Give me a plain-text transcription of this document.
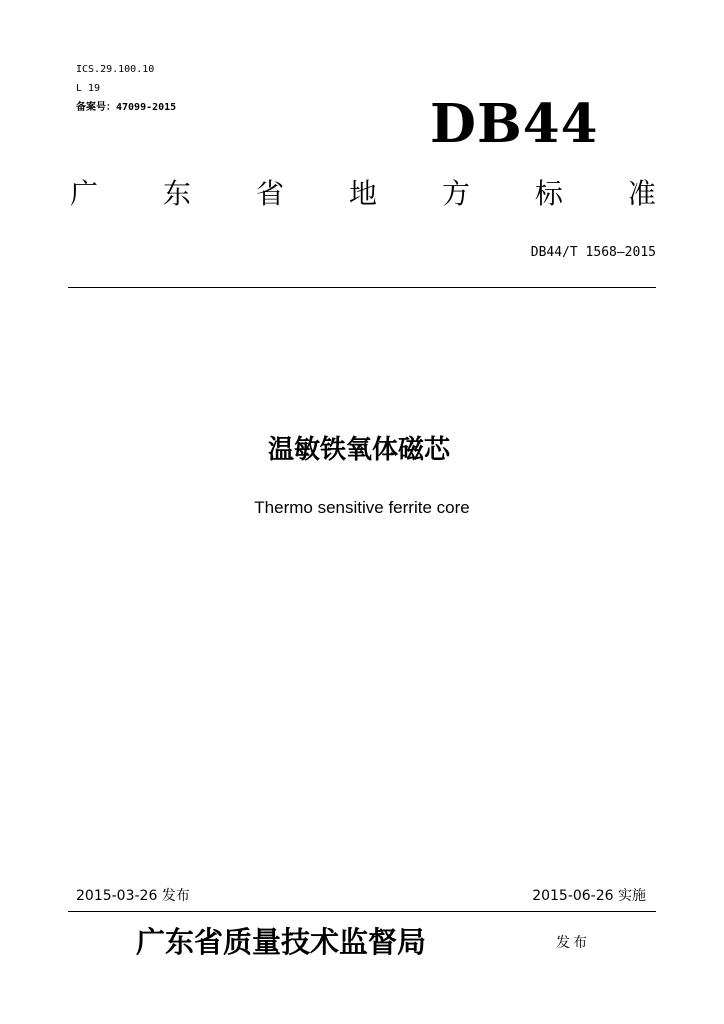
ICS.29.100.10
L 19
备案号：47099-2015	DB44
广 东 省 地 方 标 准
DB44/T 1568—2015
温敏铁氧体磁芯
Thermo sensitive ferrite core
2015-03-26 发布	2015-06-26 实施
广东省质量技术监督局	发布
